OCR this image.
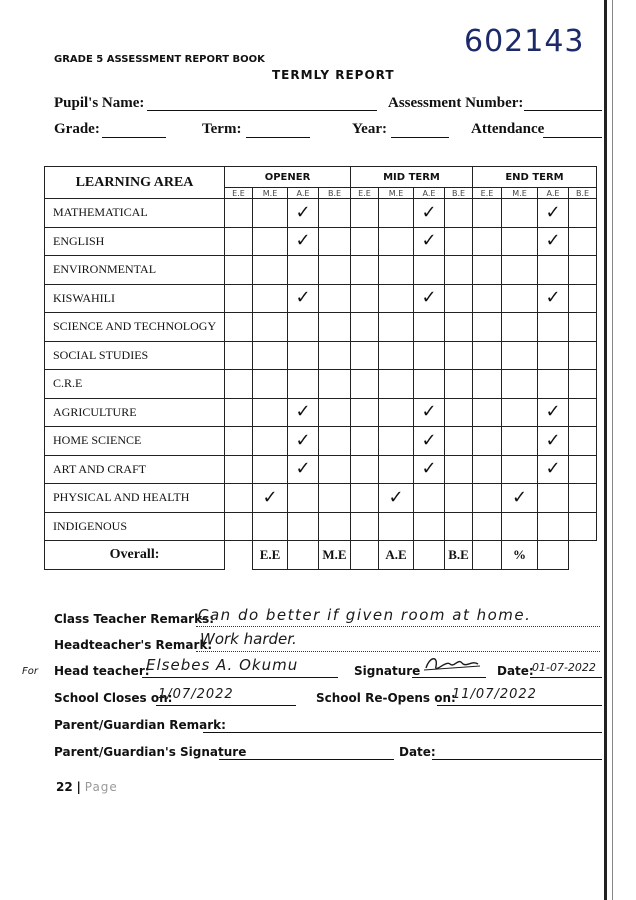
602143
GRADE 5 ASSESSMENT REPORT BOOK
TERMLY REPORT
Pupil's Name:	Assessment Number:
Grade:	Term:	Year:	Attendance
LEARNING AREA	OPENER				MID TERM				END TERM			
	E.E	M.E	A.E	B.E	E.E	M.E	A.E	B.E	E.E	M.E	A.E	B.E
MATHEMATICAL			✓				✓				✓	

ENGLISH			✓				✓				✓	

ENVIRONMENTAL												
KISWAHILI			✓				✓				✓	

SCIENCE AND TECHNOLOGY												
SOCIAL STUDIES												
C.R.E												
AGRICULTURE			✓				✓				✓	

HOME SCIENCE			✓				✓				✓	

ART AND CRAFT			✓				✓				✓	

PHYSICAL AND HEALTH		✓				✓				✓		

INDIGENOUS												
Overall:		E.E		M.E		A.E		B.E		%		
Class Teacher Remarks:
Can do better if given room at home.
Headteacher's Remark:
Work harder.
For Head teacher:
Elsebes A. Okumu	Signature	Date:
01-07-2022
School Closes on:
1/07/2022	School Re-Opens on:
11/07/2022
Parent/Guardian Remark:
Parent/Guardian's Signature	Date:
22 | Page
